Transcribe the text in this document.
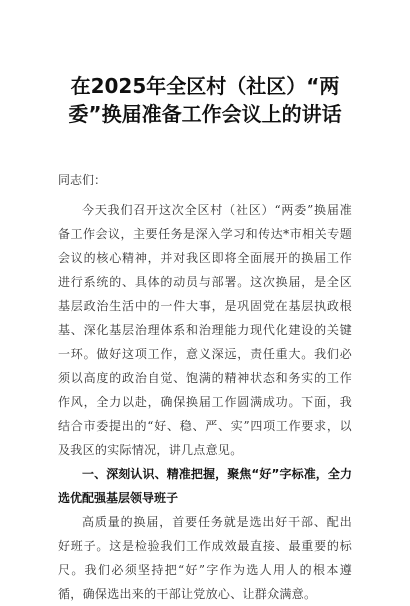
在2025年全区村（社区）“两委”换届准备工作会议上的讲话

同志们：

今天我们召开这次全区村（社区）“两委”换届准备工作会议，主要任务是深入学习和传达*市相关专题会议的核心精神，并对我区即将全面展开的换届工作进行系统的、具体的动员与部署。这次换届，是全区基层政治生活中的一件大事，是巩固党在基层执政根基、深化基层治理体系和治理能力现代化建设的关键一环。做好这项工作，意义深远，责任重大。我们必须以高度的政治自觉、饱满的精神状态和务实的工作作风，全力以赴，确保换届工作圆满成功。下面，我结合市委提出的“好、稳、严、实”四项工作要求，以及我区的实际情况，讲几点意见。

一、深刻认识、精准把握，聚焦“好”字标准，全力选优配强基层领导班子

高质量的换届，首要任务就是选出好干部、配出好班子。这是检验我们工作成效最直接、最重要的标尺。我们必须坚持把“好”字作为选人用人的根本遵循，确保选出来的干部让党放心、让群众满意。
